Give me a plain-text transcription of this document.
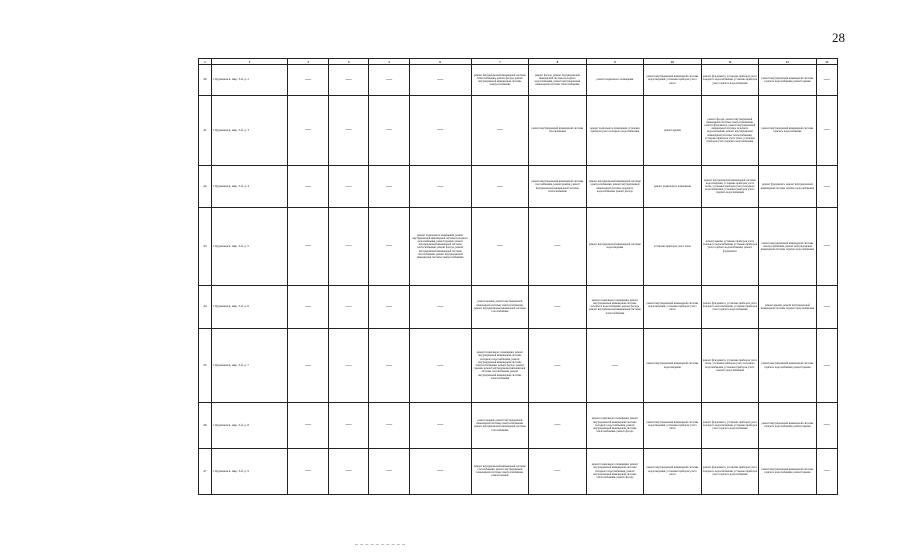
28
1	2	3	4	5	6	7	8	9	10	11	12	13
40	г. Буденновск, мкр. 3-й, д. 2	—	—	—	—	ремонт внутридомовой инженерной системы теплоснабжения, ремонт фасада, ремонт внутридомовой инженерной системы электроснабжения	ремонт фасада, ремонт внутридомовой инженерной системы холодного водоснабжения, ремонт внутридомовой инженерной системы теплоснабжения	ремонт подвального помещения	ремонт внутридомовой инженерной системы водоотведения, установка приборов учета тепла	ремонт фундамента, установка приборов учета холодного водоснабжения, установка приборов учета горячего водоснабжения	ремонт внутридомовой инженерной системы горячего водоснабжения, ремонт крыши	—

41	г. Буденновск, мкр. 3-й, д. 3	—	—	—	—	—	ремонт внутридомовой инженерной системы газоснабжения	ремонт подвального помещения, установка приборов учета холодного водоснабжения	ремонт крыши	ремонт фасада, ремонт внутридомовой инженерной системы электроснабжения, ремонт фундамента, ремонт внутридомовой инженерной системы холодного водоснабжения, ремонт внутридомовой инженерной системы теплоснабжения, установка приборов учета тепла, установка приборов учета горячего водоснабжения	ремонт внутридомовой инженерной системы горячего водоснабжения	—

42	г. Буденновск, мкр. 3-й, д. 4	—	—	—	—	—	ремонт внутридомовой инженерной системы газоснабжения, ремонт крыши, ремонт внутридомовой инженерной системы теплоснабжения	ремонт внутридомовой инженерной системы электроснабжения, ремонт внутридомовой инженерной системы холодного водоснабжения, ремонт фасада	ремонт подвального помещения	ремонт внутридомовой инженерной системы водоотведения, установка приборов учета тепла, установка приборов учета холодного водоснабжения, установка приборов учета горячего водоснабжения	ремонт фундамента, ремонт внутридомовой инженерной системы горячего водоснабжения	—

43	г. Буденновск, мкр. 3-й, д. 5	—	—	—	ремонт подвального помещения, ремонт внутридомовой инженерной системы холодного водоснабжения, ремонт крыши, ремонт внутридомовой инженерной системы теплоснабжения, ремонт фасада, ремонт внутридомовой инженерной системы газоснабжения, ремонт внутридомовой инженерной системы электроснабжения	—	—	ремонт внутридомовой инженерной системы водоотведения	установка приборов учета тепла	ремонт крыши, установка приборов учета холодного водоснабжения, установка приборов учета горячего водоснабжения, ремонт фундамента	ремонт внутридомовой инженерной системы электроснабжения, ремонт внутридомовой инженерной системы горячего водоснабжения	—

44	г. Буденновск, мкр. 3-й, д. 6	—	—	—	—	ремонт крыши, ремонт внутридомовой инженерной системы электроснабжения, ремонт внутридомовой инженерной системы газоснабжения	—	ремонт подвального помещения, ремонт внутридомовой инженерной системы холодного водоснабжения, ремонт фасада, ремонт внутридомовой инженерной системы теплоснабжения	ремонт внутридомовой инженерной системы водоотведения, установка приборов учета тепла	ремонт фундамента, установка приборов учета холодного водоснабжения, установка приборов учета горячего водоснабжения	ремонт крыши, ремонт внутридомовой инженерной системы горячего водоснабжения	—

45	г. Буденновск, мкр. 3-й, д. 7	—	—	—	—	ремонт подвального помещения, ремонт внутридомовой инженерной системы холодного водоснабжения, ремонт внутридомовой инженерной системы электроснабжения, ремонт фасада, ремонт крыши, ремонт внутридомовой инженерной системы газоснабжения, ремонт внутридомовой инженерной системы теплоснабжения	—	—	ремонт внутридомовой инженерной системы водоотведения	ремонт фундамента, установка приборов учета тепла, установка приборов учета холодного водоснабжения, установка приборов учета горячего водоснабжения	ремонт внутридомовой инженерной системы горячего водоснабжения, ремонт крыши	—

46	г. Буденновск, мкр. 3-й, д. 8	—	—	—	—	ремонт крыши, ремонт внутридомовой инженерной системы электроснабжения, ремонт внутридомовой инженерной системы газоснабжения	—	ремонт подвального помещения, ремонт внутридомовой инженерной системы холодного водоснабжения, ремонт внутридомовой инженерной системы теплоснабжения, ремонт фасада	ремонт внутридомовой инженерной системы водоотведения, установка приборов учета тепла	ремонт фундамента, установка приборов учета холодного водоснабжения, установка приборов учета горячего водоснабжения	ремонт внутридомовой инженерной системы горячего водоснабжения, ремонт крыши	—

47	г. Буденновск, мкр. 3-й, д. 9	—	—	—	—	ремонт внутридомовой инженерной системы газоснабжения, ремонт внутридомовой инженерной системы электроснабжения, ремонт крыши	—	ремонт подвального помещения, ремонт внутридомовой инженерной системы холодного водоснабжения, ремонт внутридомовой инженерной системы теплоснабжения, ремонт фасада	ремонт внутридомовой инженерной системы водоотведения, установка приборов учета тепла	ремонт фундамента, установка приборов учета холодного водоснабжения, установка приборов учета горячего водоснабжения	ремонт внутридомовой инженерной системы горячего водоснабжения, ремонт крыши	—
